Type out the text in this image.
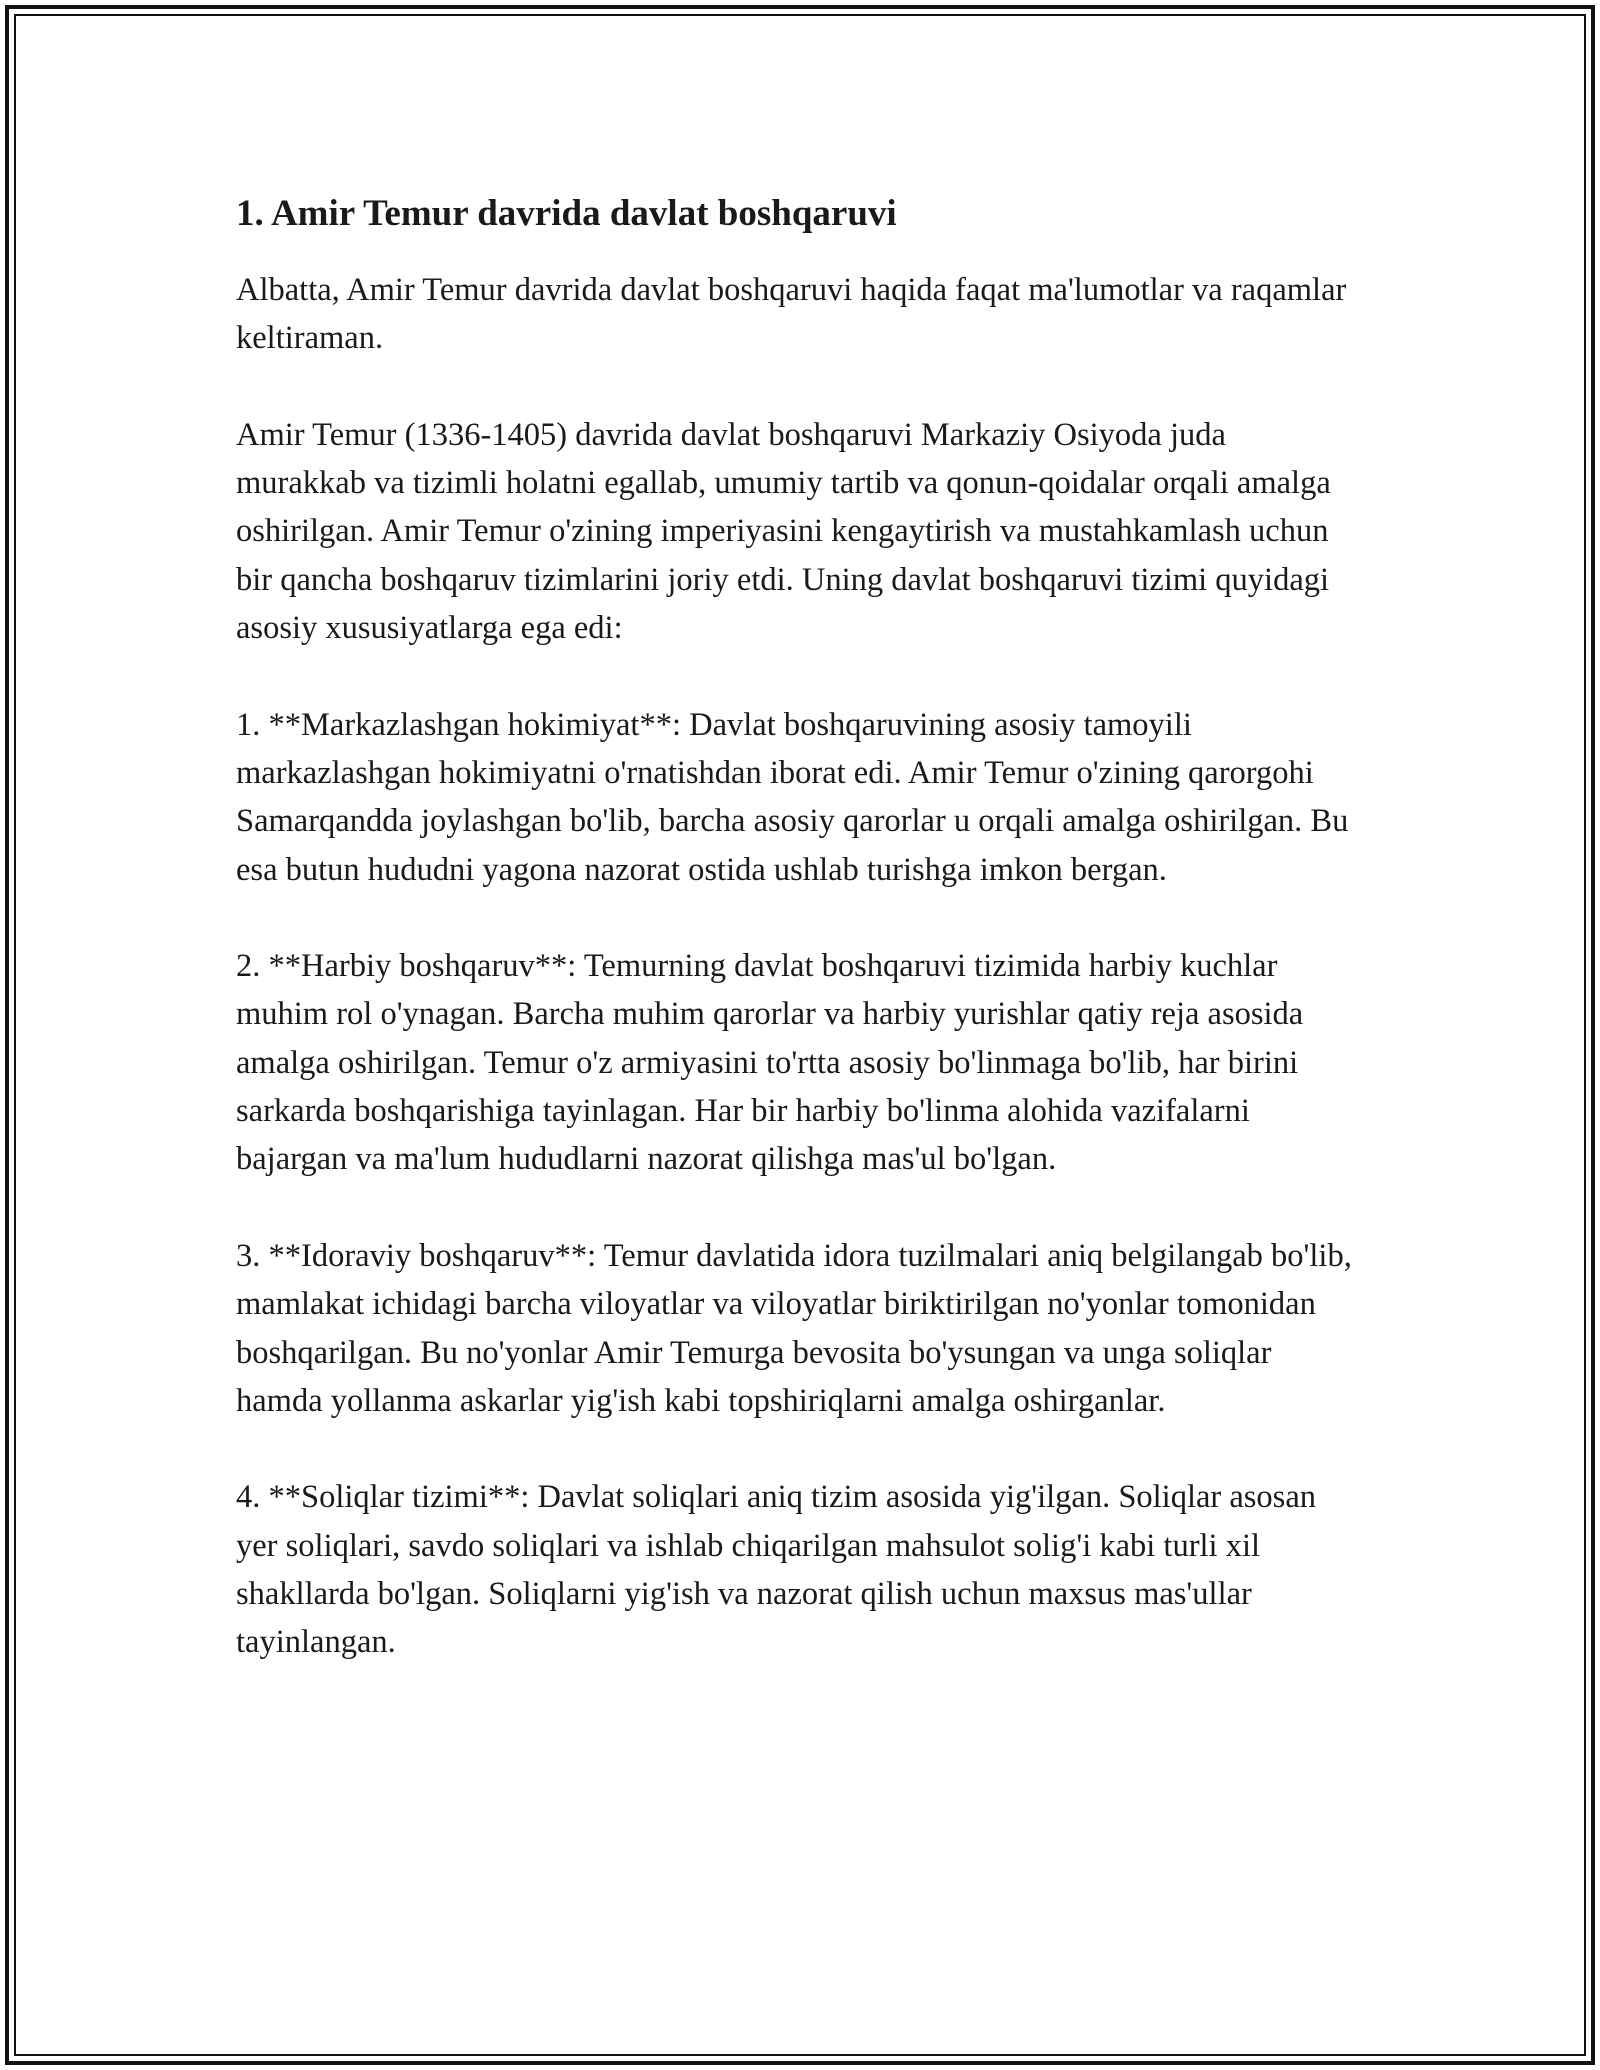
1. Amir Temur davrida davlat boshqaruvi

Albatta, Amir Temur davrida davlat boshqaruvi haqida faqat ma'lumotlar va raqamlar keltiraman.

Amir Temur (1336-1405) davrida davlat boshqaruvi Markaziy Osiyoda juda murakkab va tizimli holatni egallab, umumiy tartib va qonun-qoidalar orqali amalga oshirilgan. Amir Temur o'zining imperiyasini kengaytirish va mustahkamlash uchun bir qancha boshqaruv tizimlarini joriy etdi. Uning davlat boshqaruvi tizimi quyidagi asosiy xususiyatlarga ega edi:

1. **Markazlashgan hokimiyat**: Davlat boshqaruvining asosiy tamoyili markazlashgan hokimiyatni o'rnatishdan iborat edi. Amir Temur o'zining qarorgohi Samarqandda joylashgan bo'lib, barcha asosiy qarorlar u orqali amalga oshirilgan. Bu esa butun hududni yagona nazorat ostida ushlab turishga imkon bergan.

2. **Harbiy boshqaruv**: Temurning davlat boshqaruvi tizimida harbiy kuchlar muhim rol o'ynagan. Barcha muhim qarorlar va harbiy yurishlar qatiy reja asosida amalga oshirilgan. Temur o'z armiyasini to'rtta asosiy bo'linmaga bo'lib, har birini sarkarda boshqarishiga tayinlagan. Har bir harbiy bo'linma alohida vazifalarni bajargan va ma'lum hududlarni nazorat qilishga mas'ul bo'lgan.

3. **Idoraviy boshqaruv**: Temur davlatida idora tuzilmalari aniq belgilangab bo'lib, mamlakat ichidagi barcha viloyatlar va viloyatlar biriktirilgan no'yonlar tomonidan boshqarilgan. Bu no'yonlar Amir Temurga bevosita bo'ysungan va unga soliqlar hamda yollanma askarlar yig'ish kabi topshiriqlarni amalga oshirganlar.

4. **Soliqlar tizimi**: Davlat soliqlari aniq tizim asosida yig'ilgan. Soliqlar asosan yer soliqlari, savdo soliqlari va ishlab chiqarilgan mahsulot solig'i kabi turli xil shakllarda bo'lgan. Soliqlarni yig'ish va nazorat qilish uchun maxsus mas'ullar tayinlangan.
